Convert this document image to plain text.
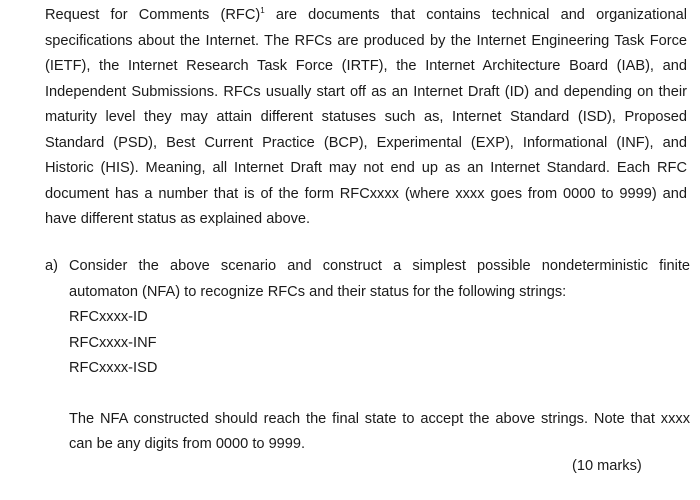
Request for Comments (RFC)$^1$ are documents that contains technical and organizational specifications about the Internet. The RFCs are produced by the Internet Engineering Task Force (IETF), the Internet Research Task Force (IRTF), the Internet Architecture Board (IAB), and Independent Submissions. RFCs usually start off as an Internet Draft (ID) and depending on their maturity level they may attain different statuses such as, Internet Standard (ISD), Proposed Standard (PSD), Best Current Practice (BCP), Experimental (EXP), Informational (INF), and Historic (HIS). Meaning, all Internet Draft may not end up as an Internet Standard. Each RFC document has a number that is of the form RFCxxxx (where xxxx goes from 0000 to 9999) and have different status as explained above.

a) Consider the above scenario and construct a simplest possible nondeterministic finite automaton (NFA) to recognize RFCs and their status for the following strings:

RFCxxxx-ID
RFCxxxx-INF
RFCxxxx-ISD

The NFA constructed should reach the final state to accept the above strings. Note that xxxx can be any digits from 0000 to 9999.

(10 marks)
